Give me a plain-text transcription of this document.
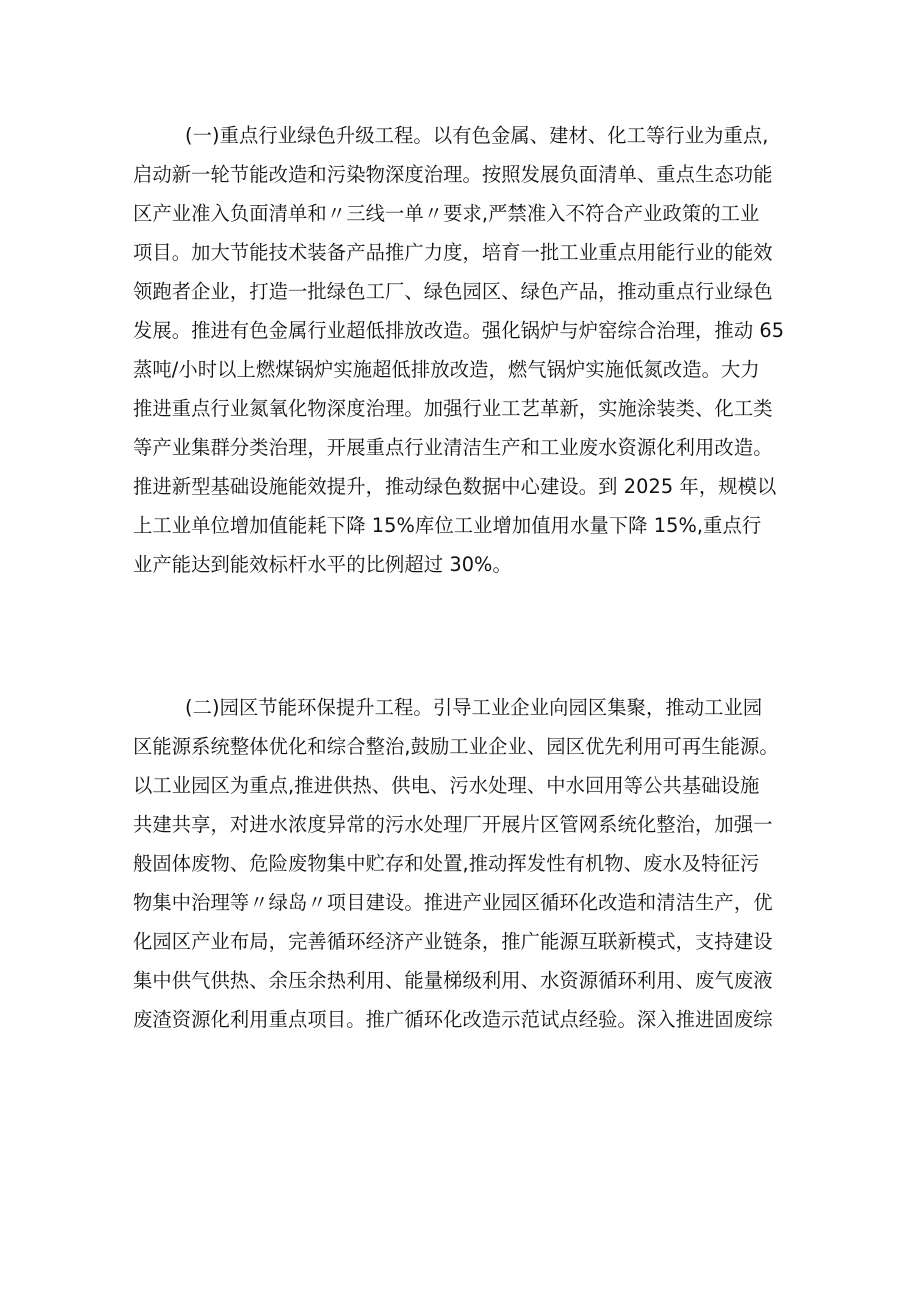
(一)重点行业绿色升级工程。以有色金属、建材、化工等行业为重点,
启动新一轮节能改造和污染物深度治理。按照发展负面清单、重点生态功能
区产业准入负面清单和〃三线一单〃要求,严禁准入不符合产业政策的工业
项目。加大节能技术装备产品推广力度，培育一批工业重点用能行业的能效
领跑者企业，打造一批绿色工厂、绿色园区、绿色产品，推动重点行业绿色
发展。推进有色金属行业超低排放改造。强化锅炉与炉窑综合治理，推动 65
蒸吨/小时以上燃煤锅炉实施超低排放改造，燃气锅炉实施低氮改造。大力
推进重点行业氮氧化物深度治理。加强行业工艺革新，实施涂装类、化工类
等产业集群分类治理，开展重点行业清洁生产和工业废水资源化利用改造。
推进新型基础设施能效提升，推动绿色数据中心建设。到 2025 年，规模以
上工业单位增加值能耗下降 15%库位工业增加值用水量下降 15%,重点行
业产能达到能效标杆水平的比例超过 30%。
(二)园区节能环保提升工程。引导工业企业向园区集聚，推动工业园
区能源系统整体优化和综合整治,鼓励工业企业、园区优先利用可再生能源。
以工业园区为重点,推进供热、供电、污水处理、中水回用等公共基础设施
共建共享，对进水浓度异常的污水处理厂开展片区管网系统化整治，加强一
般固体废物、危险废物集中贮存和处置,推动挥发性有机物、废水及特征污
物集中治理等〃绿岛〃项目建设。推进产业园区循环化改造和清洁生产，优
化园区产业布局，完善循环经济产业链条，推广能源互联新模式，支持建设
集中供气供热、余压余热利用、能量梯级利用、水资源循环利用、废气废液
废渣资源化利用重点项目。推广循环化改造示范试点经验。深入推进固废综
